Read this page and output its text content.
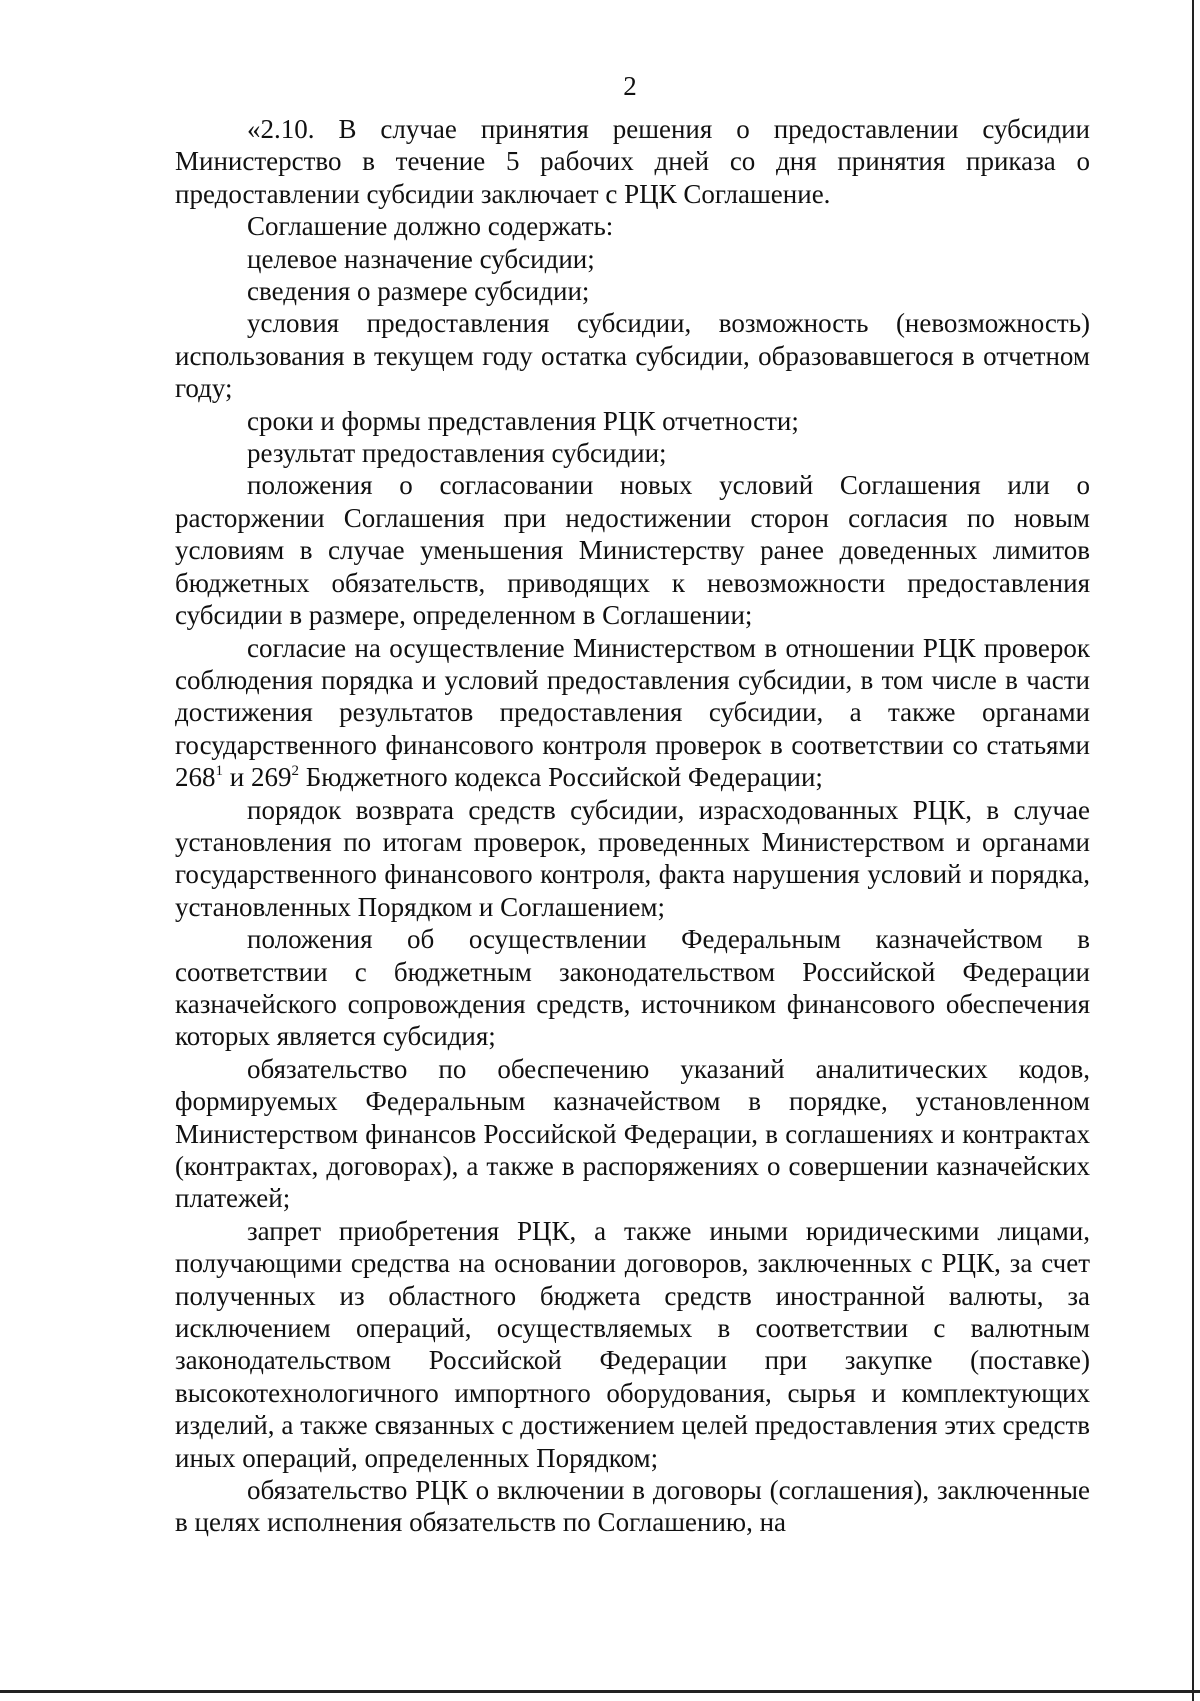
2

«2.10. В случае принятия решения о предоставлении субсидии Министерство в течение 5 рабочих дней со дня принятия приказа о предоставлении субсидии заключает с РЦК Соглашение.

Соглашение должно содержать:

целевое назначение субсидии;

сведения о размере субсидии;

условия предоставления субсидии, возможность (невозможность) использования в текущем году остатка субсидии, образовавшегося в отчетном году;

сроки и формы представления РЦК отчетности;

результат предоставления субсидии;

положения о согласовании новых условий Соглашения или о расторжении Соглашения при недостижении сторон согласия по новым условиям в случае уменьшения Министерству ранее доведенных лимитов бюджетных обязательств, приводящих к невозможности предоставления субсидии в размере, определенном в Соглашении;

согласие на осуществление Министерством в отношении РЦК проверок соблюдения порядка и условий предоставления субсидии, в том числе в части достижения результатов предоставления субсидии, а также органами государственного финансового контроля проверок в соответствии со статьями $268^1$ и $269^2$ Бюджетного кодекса Российской Федерации;

порядок возврата средств субсидии, израсходованных РЦК, в случае установления по итогам проверок, проведенных Министерством и органами государственного финансового контроля, факта нарушения условий и порядка, установленных Порядком и Соглашением;

положения об осуществлении Федеральным казначейством в соответствии с бюджетным законодательством Российской Федерации казначейского сопровождения средств, источником финансового обеспечения которых является субсидия;

обязательство по обеспечению указаний аналитических кодов, формируемых Федеральным казначейством в порядке, установленном Министерством финансов Российской Федерации, в соглашениях и контрактах (контрактах, договорах), а также в распоряжениях о совершении казначейских платежей;

запрет приобретения РЦК, а также иными юридическими лицами, получающими средства на основании договоров, заключенных с РЦК, за счет полученных из областного бюджета средств иностранной валюты, за исключением операций, осуществляемых в соответствии с валютным законодательством Российской Федерации при закупке (поставке) высокотехнологичного импортного оборудования, сырья и комплектующих изделий, а также связанных с достижением целей предоставления этих средств иных операций, определенных Порядком;

обязательство РЦК о включении в договоры (соглашения), заключенные в целях исполнения обязательств по Соглашению, на
